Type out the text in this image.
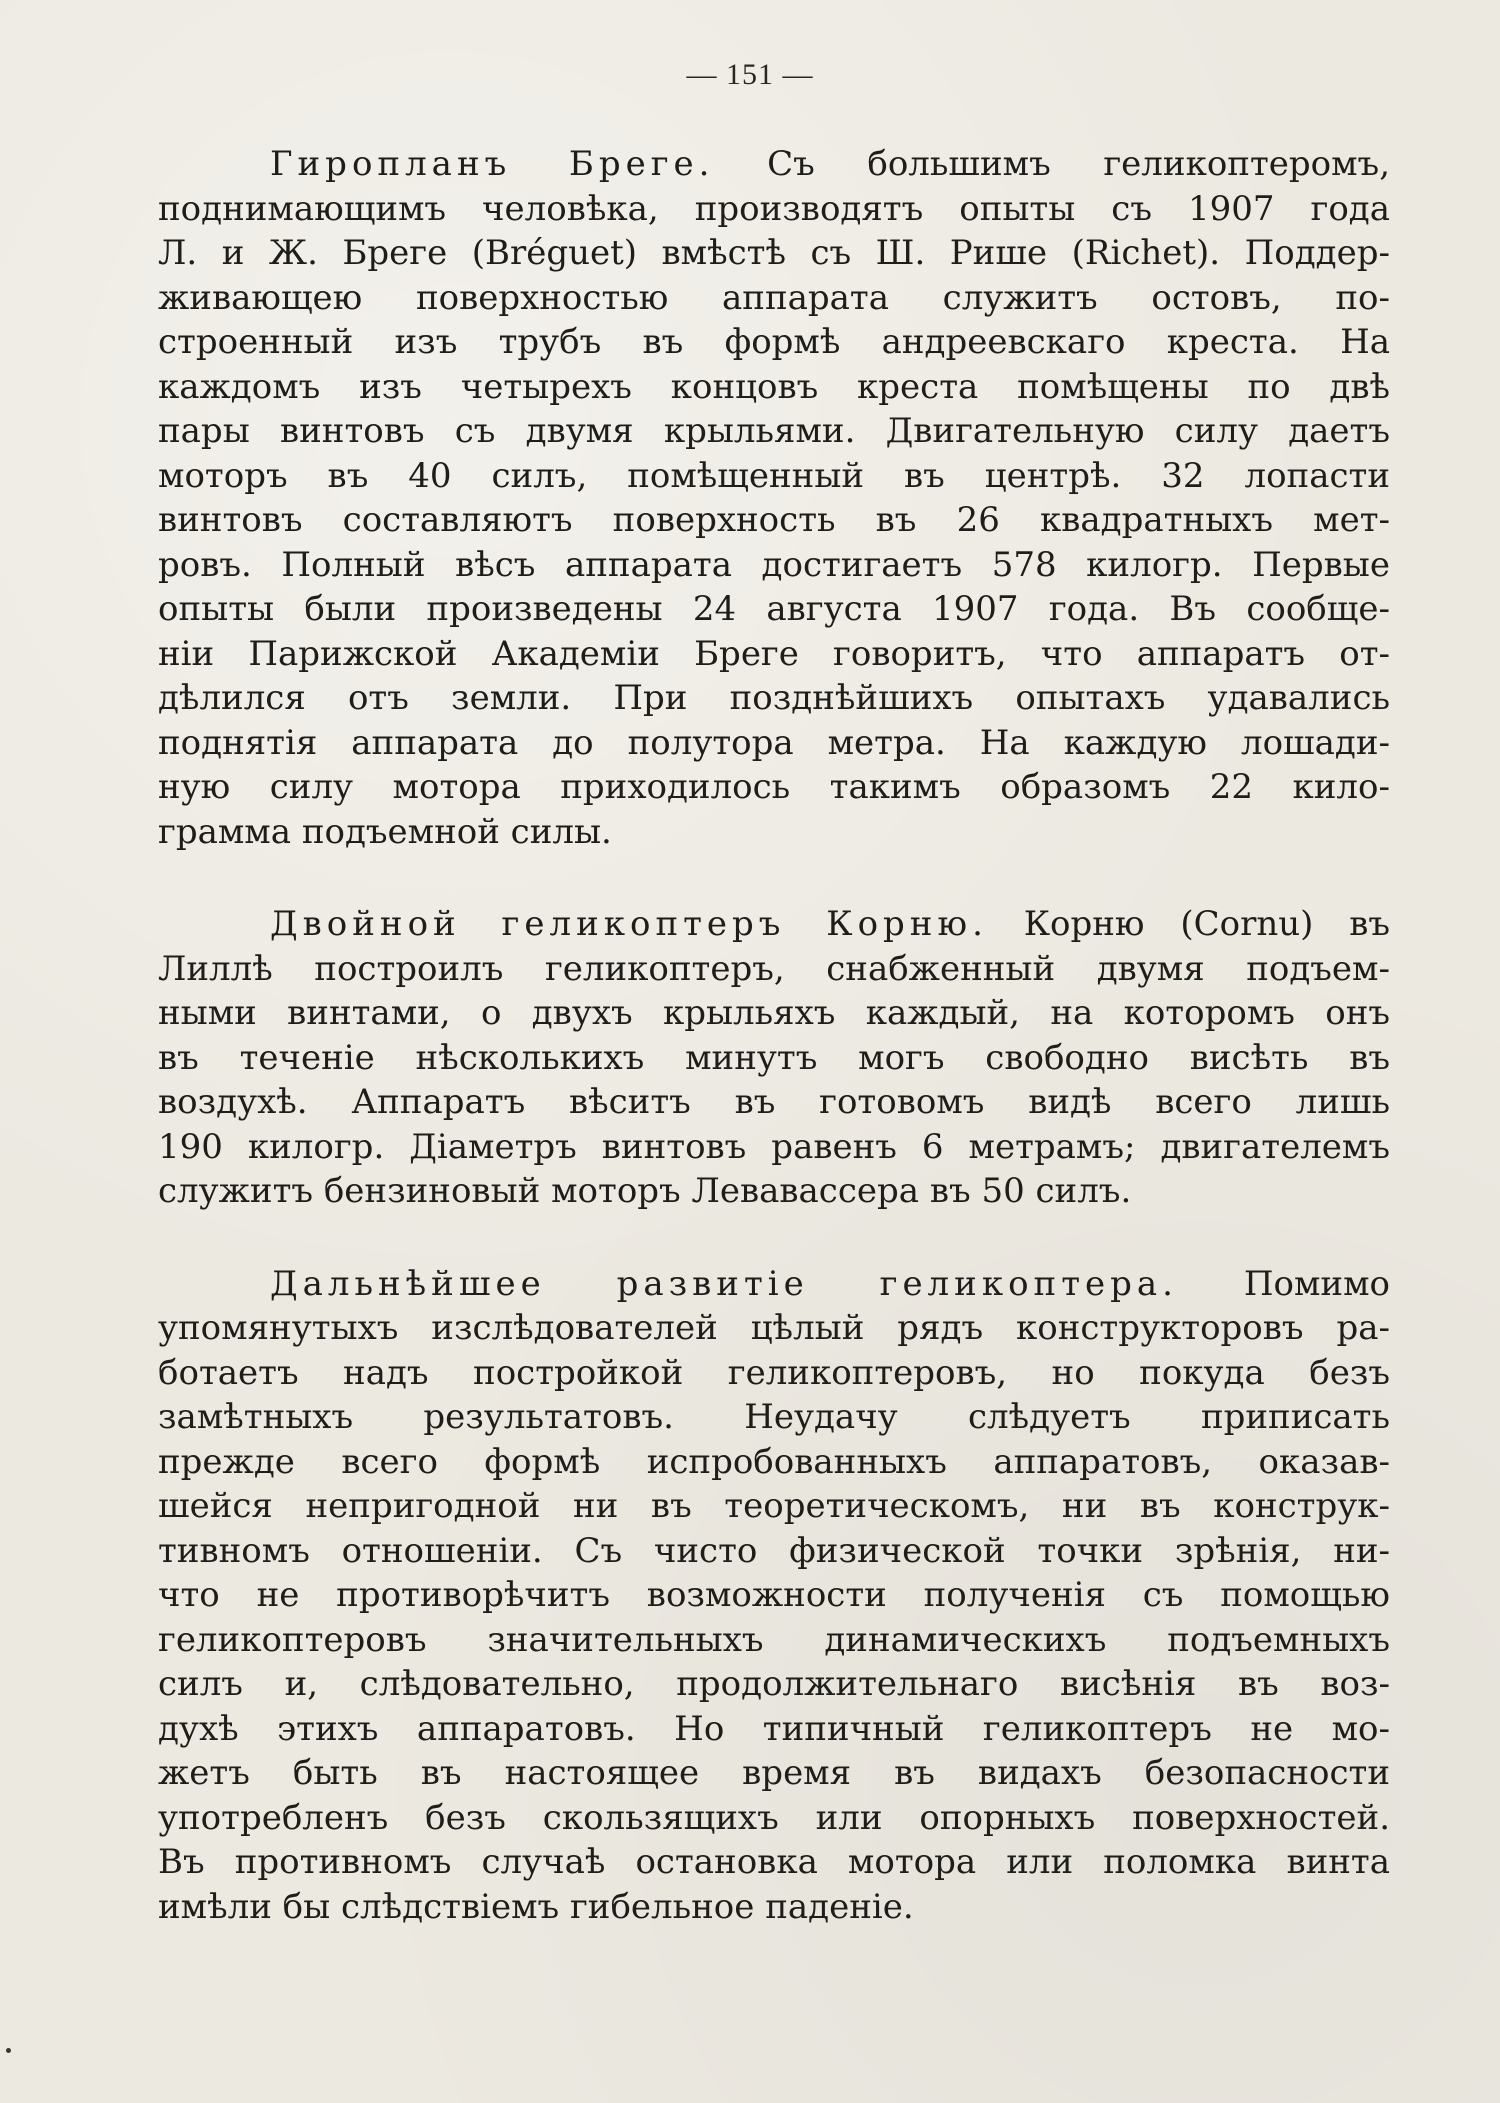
— 151 —
Гиропланъ Бреге. Съ большимъ геликоптеромъ,
поднимающимъ человѣка, производятъ опыты съ 1907 года
Л. и Ж. Бреге (Bréguet) вмѣстѣ съ Ш. Рише (Richet). Поддер-
живающею поверхностью аппарата служитъ остовъ, по-
строенный изъ трубъ въ формѣ андреевскаго креста. На
каждомъ изъ четырехъ концовъ креста помѣщены по двѣ
пары винтовъ съ двумя крыльями. Двигательную силу даетъ
моторъ въ 40 силъ, помѣщенный въ центрѣ. 32 лопасти
винтовъ составляютъ поверхность въ 26 квадратныхъ мет-
ровъ. Полный вѣсъ аппарата достигаетъ 578 килогр. Первые
опыты были произведены 24 августа 1907 года. Въ сообще-
ніи Парижской Академіи Бреге говоритъ, что аппаратъ от-
дѣлился отъ земли. При позднѣйшихъ опытахъ удавались
поднятія аппарата до полутора метра. На каждую лошади-
ную силу мотора приходилось такимъ образомъ 22 кило-
грамма подъемной силы.
Двойной геликоптеръ Корню. Корню (Cornu) въ
Лиллѣ построилъ геликоптеръ, снабженный двумя подъем-
ными винтами, о двухъ крыльяхъ каждый, на которомъ онъ
въ теченіе нѣсколькихъ минутъ могъ свободно висѣть въ
воздухѣ. Аппаратъ вѣситъ въ готовомъ видѣ всего лишь
190 килогр. Діаметръ винтовъ равенъ 6 метрамъ; двигателемъ
служитъ бензиновый моторъ Левавассера въ 50 силъ.
Дальнѣйшее развитіе геликоптера. Помимо
упомянутыхъ изслѣдователей цѣлый рядъ конструкторовъ ра-
ботаетъ надъ постройкой геликоптеровъ, но покуда безъ
замѣтныхъ результатовъ. Неудачу слѣдуетъ приписать
прежде всего формѣ испробованныхъ аппаратовъ, оказав-
шейся непригодной ни въ теоретическомъ, ни въ конструк-
тивномъ отношеніи. Съ чисто физической точки зрѣнія, ни-
что не противорѣчитъ возможности полученія съ помощью
геликоптеровъ значительныхъ динамическихъ подъемныхъ
силъ и, слѣдовательно, продолжительнаго висѣнія въ воз-
духѣ этихъ аппаратовъ. Но типичный геликоптеръ не мо-
жетъ быть въ настоящее время въ видахъ безопасности
употребленъ безъ скользящихъ или опорныхъ поверхностей.
Въ противномъ случаѣ остановка мотора или поломка винта
имѣли бы слѣдствіемъ гибельное паденіе.
